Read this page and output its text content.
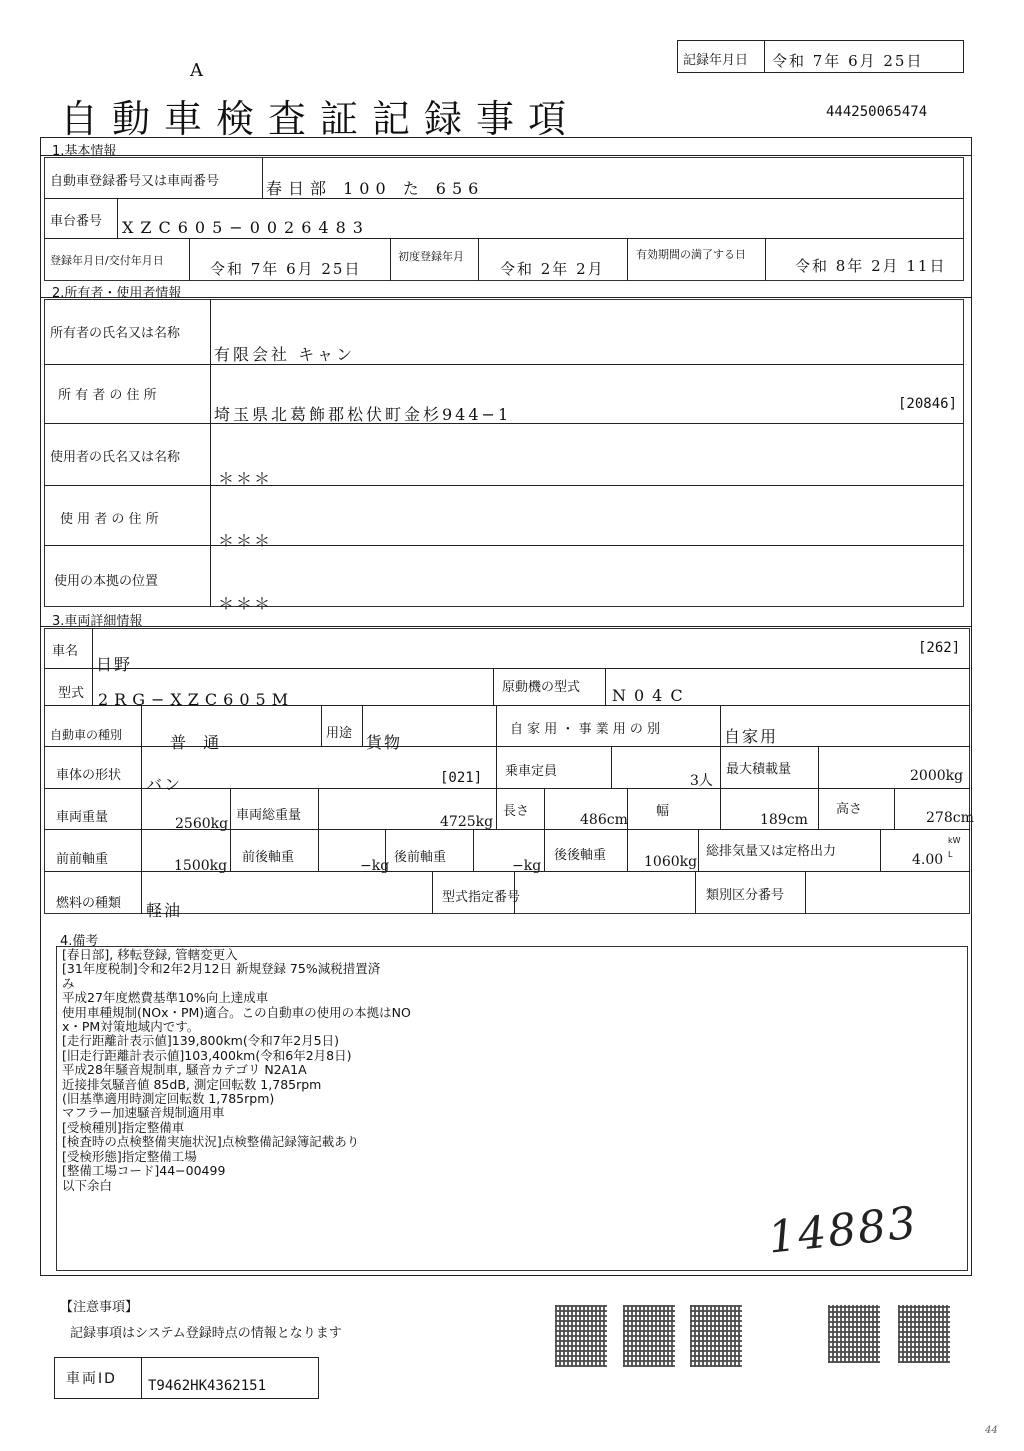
A	記録年月日 令和 7年 6月 25日
自動車検査証記録事項	444250065474
1.基本情報
自動車登録番号又は車両番号	春日部 100 た 656
車台番号 XZC605−0026483
登録年月日/交付年月日	令和 7年 6月 25日
初度登録年月
令和 2年 2月
有効期間の満了する日
令和 8年 2月 11日
2.所有者・使用者情報
所有者の氏名又は名称
有限会社 キャン
所 有 者 の 住 所
埼玉県北葛飾郡松伏町金杉944−1
[20846]
使用者の氏名又は名称
＊＊＊
使 用 者 の 住 所
＊＊＊
使用の本拠の位置
＊＊＊
3.車両詳細情報
車名
日野
[262]
型式 2RG−XZC605M
原動機の型式 N04C
自動車の種別	普 通	用途 貨物
自 家 用 ・ 事 業 用 の 別	自家用
車体の形状 バン	[021] 乗車定員
3人
最大積載量	2000kg
車両重量	2560kg
車両総重量	4725kg
長さ
486cm
幅
189cm
高さ
278cm
前前軸重	1500kg
前後軸重
−kg
後前軸重
−kg
後後軸重	1060kg
総排気量又は定格出力
4.00
kW L
燃料の種類 軽油
型式指定番号	類別区分番号
4.備考
[春日部], 移転登録, 管轄変更入
[31年度税制]令和2年2月12日 新規登録 75%減税措置済
み
平成27年度燃費基準10%向上達成車
使用車種規制(NOx・PM)適合。この自動車の使用の本拠はNO
x・PM対策地域内です。
[走行距離計表示値]139,800km(令和7年2月5日)
[旧走行距離計表示値]103,400km(令和6年2月8日)
平成28年騒音規制車, 騒音カテゴリ N2A1A
近接排気騒音値 85dB, 測定回転数 1,785rpm
(旧基準適用時測定回転数 1,785rpm)
マフラー加速騒音規制適用車
[受検種別]指定整備車
[検査時の点検整備実施状況]点検整備記録簿記載あり
[受検形態]指定整備工場
[整備工場コード]44−00499
以下余白
14883
【注意事項】
記録事項はシステム登録時点の情報となります
車両ID T9462HK4362151
44
